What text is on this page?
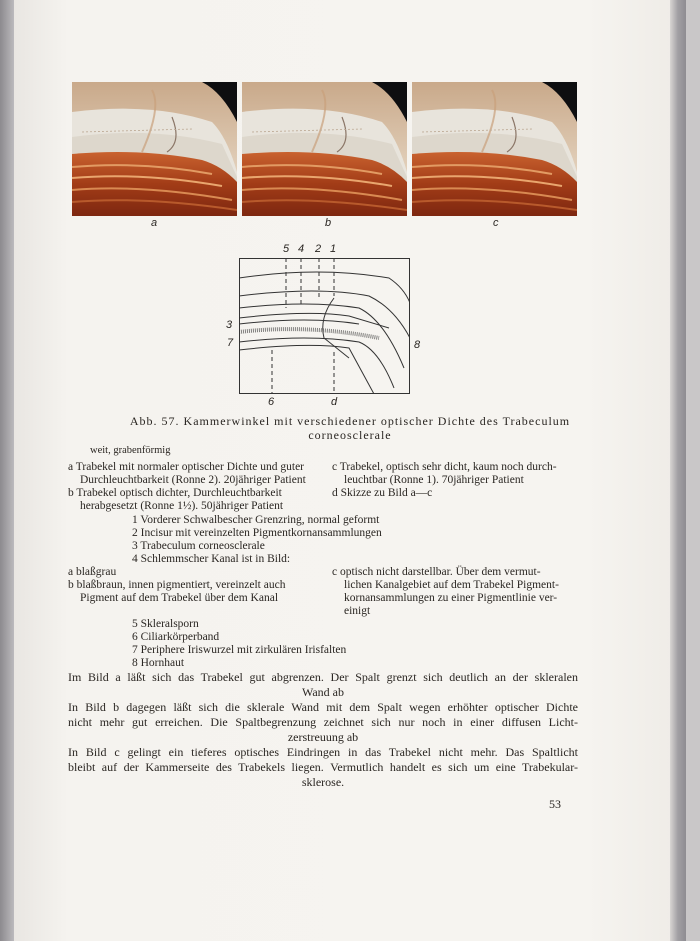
a	b	c
5 4 2 1
3
7	8
6	d
Abb. 57. Kammerwinkel mit verschiedener optischer Dichte des Trabeculum
corneosclerale
weit, grabenförmig
a Trabekel mit normaler optischer Dichte und guter
Durchleuchtbarkeit (Ronne 2). 20jähriger Patient
b Trabekel optisch dichter, Durchleuchtbarkeit
herabgesetzt (Ronne 1½). 50jähriger Patient
c Trabekel, optisch sehr dicht, kaum noch durch-
leuchtbar (Ronne 1). 70jähriger Patient
d Skizze zu Bild a—c
1 Vorderer Schwalbescher Grenzring, normal geformt
2 Incisur mit vereinzelten Pigmentkornansammlungen
3 Trabeculum corneosclerale
4 Schlemmscher Kanal ist in Bild:
a blaßgrau
b blaßbraun, innen pigmentiert, vereinzelt auch
Pigment auf dem Trabekel über dem Kanal
c optisch nicht darstellbar. Über dem vermut-
lichen Kanalgebiet auf dem Trabekel Pigment-
kornansammlungen zu einer Pigmentlinie ver-
einigt
5 Skleralsporn
6 Ciliarkörperband
7 Periphere Iriswurzel mit zirkulären Irisfalten
8 Hornhaut
Im Bild a läßt sich das Trabekel gut abgrenzen. Der Spalt grenzt sich deutlich an der skleralen
Wand ab
In Bild b dagegen läßt sich die sklerale Wand mit dem Spalt wegen erhöhter optischer Dichte
nicht mehr gut erreichen. Die Spaltbegrenzung zeichnet sich nur noch in einer diffusen Licht-
zerstreuung ab
In Bild c gelingt ein tieferes optisches Eindringen in das Trabekel nicht mehr. Das Spaltlicht
bleibt auf der Kammerseite des Trabekels liegen. Vermutlich handelt es sich um eine Trabekular-
sklerose.
53
